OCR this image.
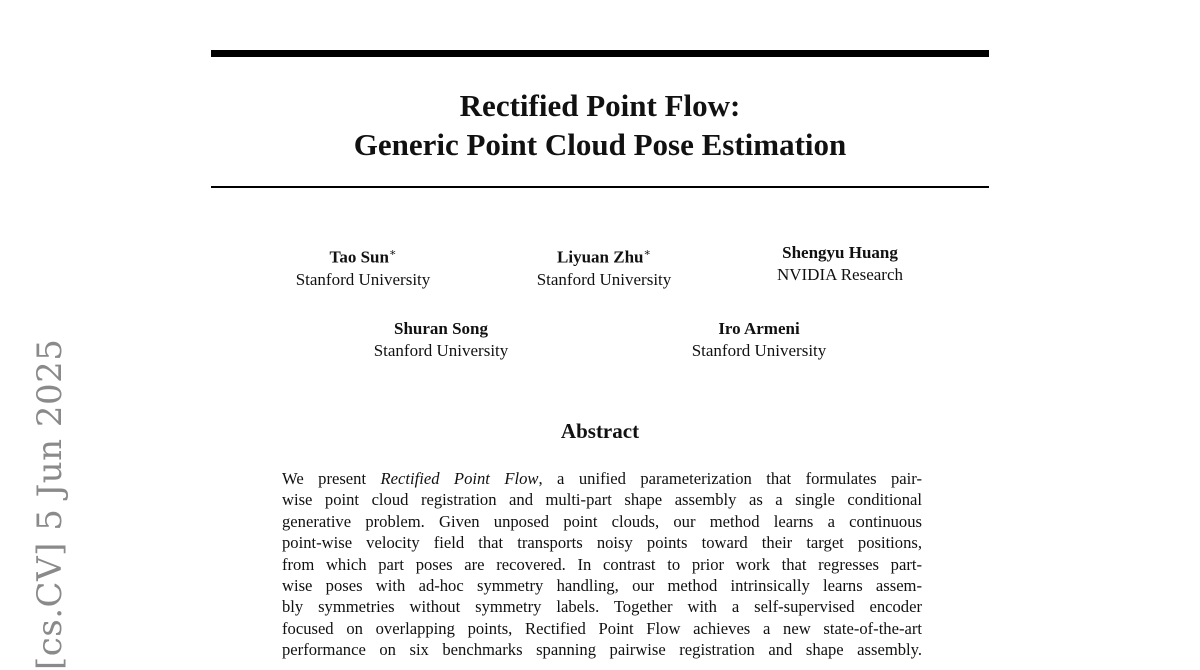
Rectified Point Flow:
Generic Point Cloud Pose Estimation
Tao Sun∗
Stanford University
Liyuan Zhu∗
Stanford University
Shengyu Huang
NVIDIA Research
Shuran Song
Stanford University
Iro Armeni
Stanford University
Abstract
We present Rectified Point Flow, a unified parameterization that formulates pair-
wise point cloud registration and multi-part shape assembly as a single conditional
generative problem. Given unposed point clouds, our method learns a continuous
point-wise velocity field that transports noisy points toward their target positions,
from which part poses are recovered. In contrast to prior work that regresses part-
wise poses with ad-hoc symmetry handling, our method intrinsically learns assem-
bly symmetries without symmetry labels. Together with a self-supervised encoder
focused on overlapping points, Rectified Point Flow achieves a new state-of-the-art
performance on six benchmarks spanning pairwise registration and shape assembly.
[cs.CV] 5 Jun 2025
